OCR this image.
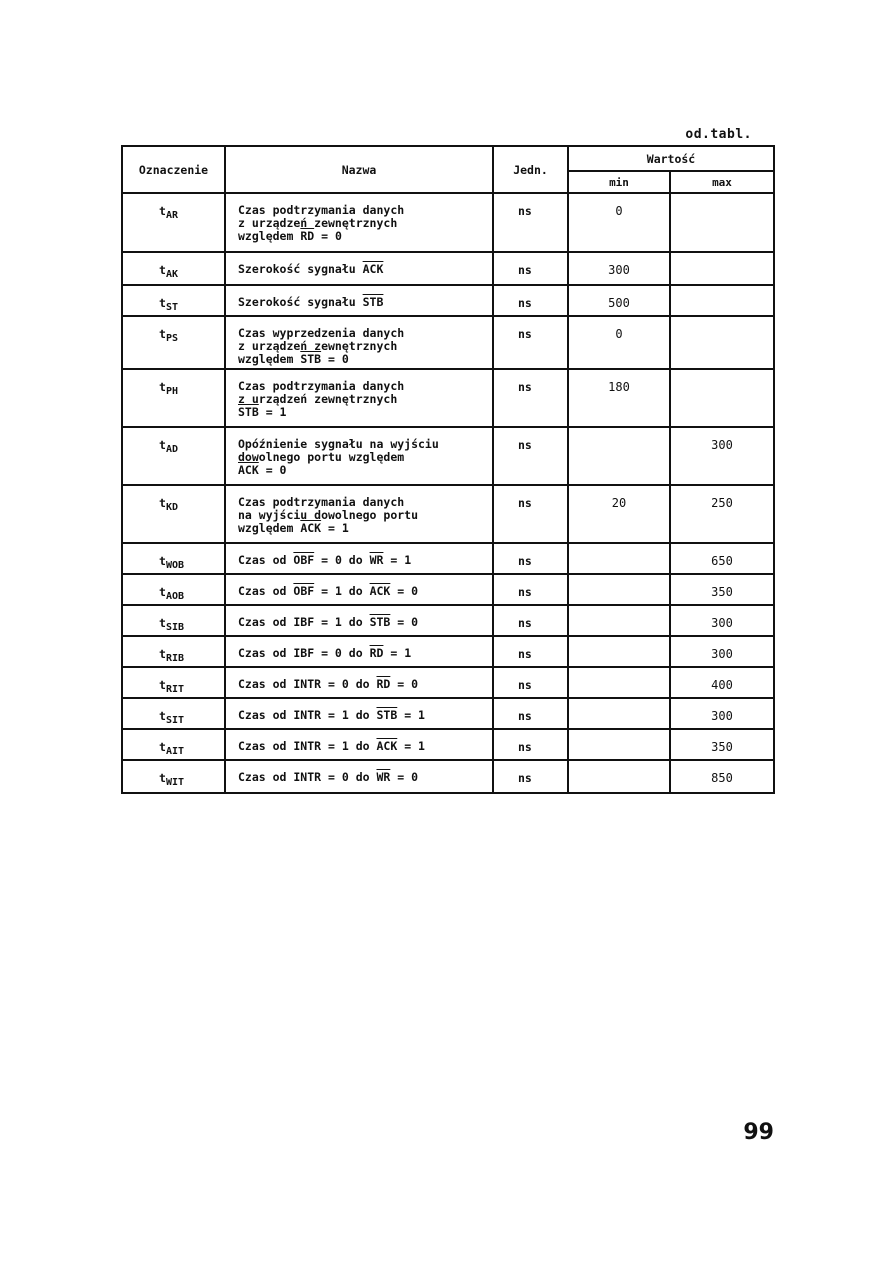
od.tabl.
Oznaczenie	Nazwa	Jedn.	Wartość	
			min	max
$t_{AR}$	Czas podtrzymania danych
z urządzeń zewnętrznych
względem $\overline{RD} = 0$	ns	0	
$t_{AK}$	Szerokość sygnału $\overline{ACK}$	ns	300	
$t_{ST}$	Szerokość sygnału $\overline{STB}$	ns	500	
$t_{PS}$	Czas wyprzedzenia danych
z urządzeń zewnętrznych
względem $\overline{STB} = 0$	ns	0	
$t_{PH}$	Czas podtrzymania danych
z urządzeń zewnętrznych
$\overline{STB} = 1$	ns	180	
$t_{AD}$	Opóźnienie sygnału na wyjściu
dowolnego portu względem
$\overline{ACK} = 0$	ns		300
$t_{KD}$	Czas podtrzymania danych
na wyjściu dowolnego portu
względem $\overline{ACK} = 1$	ns	20	250
$t_{WOB}$	Czas od $\overline{OBF} = 0$ do $\overline{WR} = 1$	ns		650
$t_{AOB}$	Czas od $\overline{OBF} = 1$ do $\overline{ACK} = 0$	ns		350
$t_{SIB}$	Czas od IBF = 1 do $\overline{STB} = 0$	ns		300
$t_{RIB}$	Czas od IBF = 0 do $\overline{RD} = 1$	ns		300
$t_{RIT}$	Czas od INTR = 0 do $\overline{RD} = 0$	ns		400
$t_{SIT}$	Czas od INTR = 1 do $\overline{STB} = 1$	ns		300
$t_{AIT}$	Czas od INTR = 1 do $\overline{ACK} = 1$	ns		350
$t_{WIT}$	Czas od INTR = 0 do $\overline{WR} = 0$	ns		850
99
